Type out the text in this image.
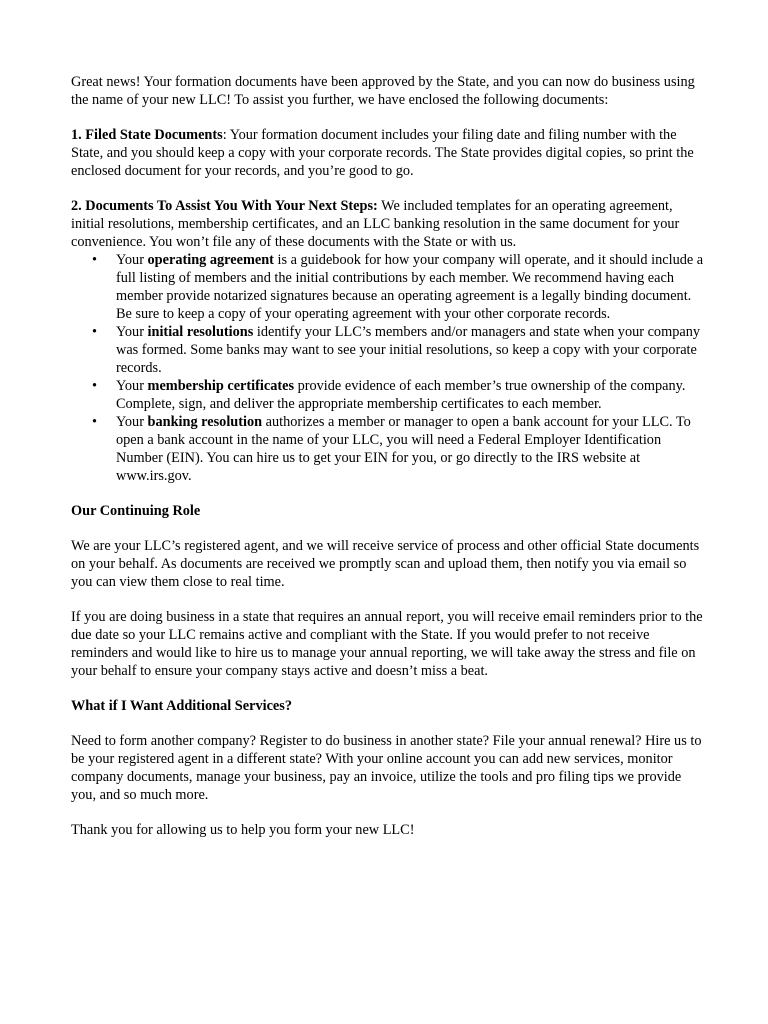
Great news! Your formation documents have been approved by the State, and you can now do business using the name of your new LLC! To assist you further, we have enclosed the following documents:

1. Filed State Documents: Your formation document includes your filing date and filing number with the State, and you should keep a copy with your corporate records. The State provides digital copies, so print the enclosed document for your records, and you’re good to go.

2. Documents To Assist You With Your Next Steps: We included templates for an operating agreement, initial resolutions, membership certificates, and an LLC banking resolution in the same document for your convenience. You won’t file any of these documents with the State or with us.

• Your operating agreement is a guidebook for how your company will operate, and it should include a full listing of members and the initial contributions by each member. We recommend having each member provide notarized signatures because an operating agreement is a legally binding document. Be sure to keep a copy of your operating agreement with your other corporate records.
• Your initial resolutions identify your LLC’s members and/or managers and state when your company was formed. Some banks may want to see your initial resolutions, so keep a copy with your corporate records.
• Your membership certificates provide evidence of each member’s true ownership of the company. Complete, sign, and deliver the appropriate membership certificates to each member.
• Your banking resolution authorizes a member or manager to open a bank account for your LLC. To open a bank account in the name of your LLC, you will need a Federal Employer Identification Number (EIN). You can hire us to get your EIN for you, or go directly to the IRS website at www.irs.gov.

Our Continuing Role

We are your LLC’s registered agent, and we will receive service of process and other official State documents on your behalf. As documents are received we promptly scan and upload them, then notify you via email so you can view them close to real time.

If you are doing business in a state that requires an annual report, you will receive email reminders prior to the due date so your LLC remains active and compliant with the State. If you would prefer to not receive reminders and would like to hire us to manage your annual reporting, we will take away the stress and file on your behalf to ensure your company stays active and doesn’t miss a beat.

What if I Want Additional Services?

Need to form another company? Register to do business in another state? File your annual renewal? Hire us to be your registered agent in a different state? With your online account you can add new services, monitor company documents, manage your business, pay an invoice, utilize the tools and pro filing tips we provide you, and so much more.

Thank you for allowing us to help you form your new LLC!
